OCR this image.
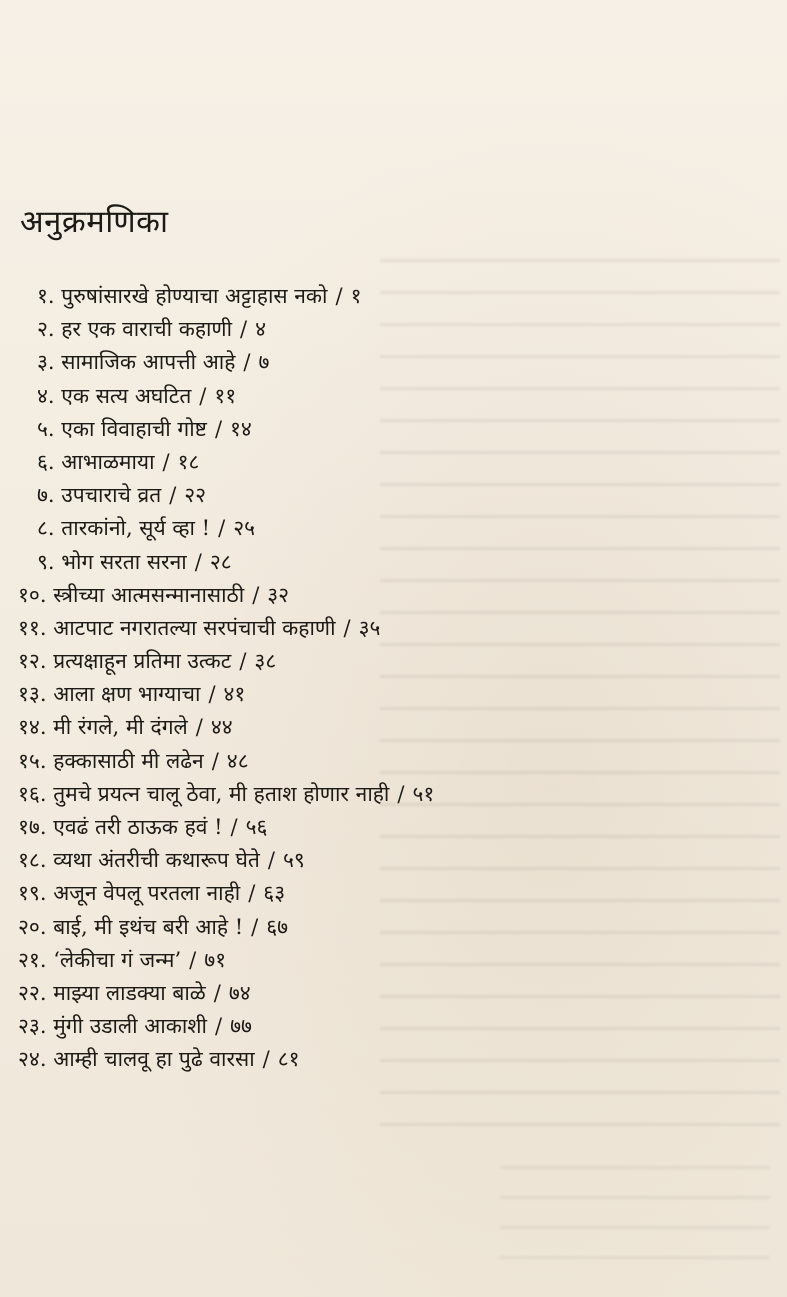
अनुक्रमणिका
१ . पुरुषांसारखे होण्याचा अट्टाहास नको / १
२ . हर एक वाराची कहाणी / ४
३ . सामाजिक आपत्ती आहे / ७
४ . एक सत्य अघटित / ११
५ . एका विवाहाची गोष्ट / १४
६ . आभाळमाया / १८
७ . उपचाराचे व्रत / २२
८ . तारकांनो, सूर्य व्हा ! / २५
९ . भोग सरता सरना / २८
१० . स्त्रीच्या आत्मसन्मानासाठी / ३२
११ . आटपाट नगरातल्या सरपंचाची कहाणी / ३५
१२ . प्रत्यक्षाहून प्रतिमा उत्कट / ३८
१३ . आला क्षण भाग्याचा / ४१
१४ . मी रंगले, मी दंगले / ४४
१५ . हक्कासाठी मी लढेन / ४८
१६ . तुमचे प्रयत्न चालू ठेवा, मी हताश होणार नाही / ५१
१७ . एवढं तरी ठाऊक हवं ! / ५६
१८ . व्यथा अंतरीची कथारूप घेते / ५९
१९ . अजून वेपलू परतला नाही / ६३
२० . बाई, मी इथंच बरी आहे ! / ६७
२१ . ‘लेकीचा गं जन्म’ / ७१
२२ . माझ्या लाडक्या बाळे / ७४
२३ . मुंगी उडाली आकाशी / ७७
२४ . आम्ही चालवू हा पुढे वारसा / ८१
